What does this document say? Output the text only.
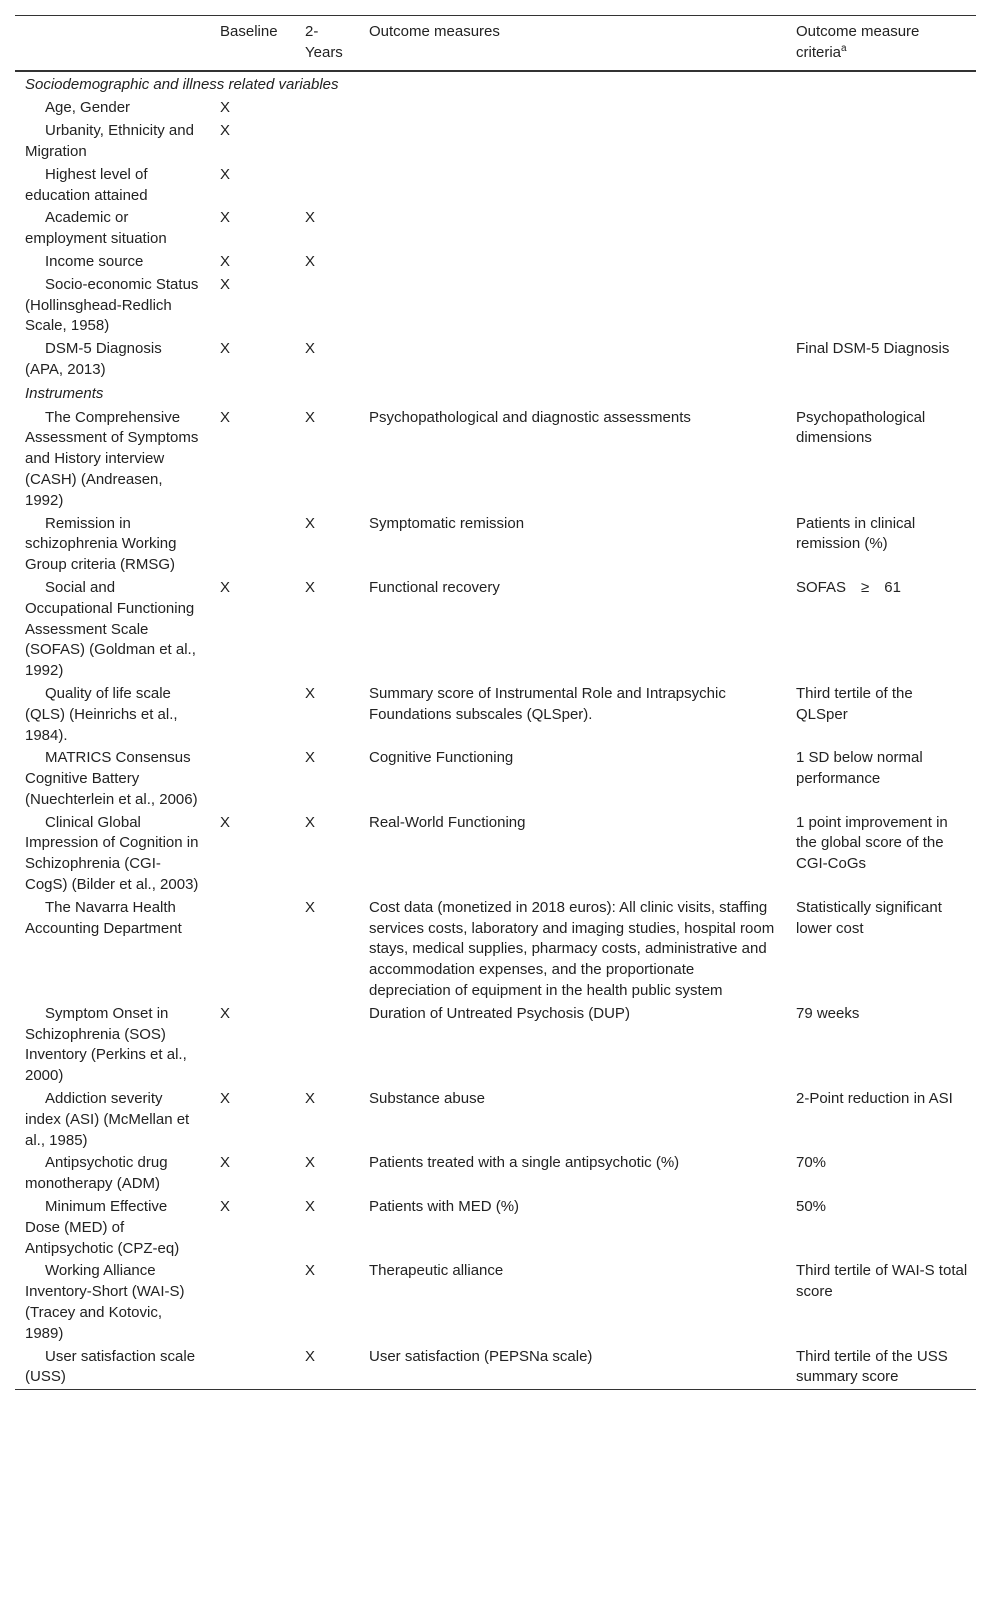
	Baseline	2-Years	Outcome measures	Outcome measure criteria$^a$
Sociodemographic and illness related variables				
Age, Gender	X			
Urbanity, Ethnicity and Migration	X			
Highest level of education attained	X			
Academic or employment situation	X	X		
Income source	X	X		
Socio-economic Status (Hollinsghead-Redlich Scale, 1958)	X			
DSM-5 Diagnosis (APA, 2013)	X	X		Final DSM-5 Diagnosis
Instruments				
The Comprehensive Assessment of Symptoms and History interview (CASH) (Andreasen, 1992)	X	X	Psychopathological and diagnostic assessments	Psychopathological dimensions
Remission in schizophrenia Working Group criteria (RMSG)		X	Symptomatic remission	Patients in clinical remission (%)
Social and Occupational Functioning Assessment Scale (SOFAS) (Goldman et al., 1992)	X	X	Functional recovery	SOFAS  ≥  61
Quality of life scale (QLS) (Heinrichs et al., 1984).		X	Summary score of Instrumental Role and Intrapsychic Foundations subscales (QLSper).	Third tertile of the QLSper
MATRICS Consensus Cognitive Battery (Nuechterlein et al., 2006)		X	Cognitive Functioning	1 SD below normal performance
Clinical Global Impression of Cognition in Schizophrenia (CGI-CogS) (Bilder et al., 2003)	X	X	Real-World Functioning	1 point improvement in the global score of the CGI-CoGs
The Navarra Health Accounting Department		X	Cost data (monetized in 2018 euros): All clinic visits, staffing services costs, laboratory and imaging studies, hospital room stays, medical supplies, pharmacy costs, administrative and accommodation expenses, and the proportionate depreciation of equipment in the health public system	Statistically significant lower cost
Symptom Onset in Schizophrenia (SOS) Inventory (Perkins et al., 2000)	X		Duration of Untreated Psychosis (DUP)	79 weeks
Addiction severity index (ASI) (McMellan et al., 1985)	X	X	Substance abuse	2-Point reduction in ASI
Antipsychotic drug monotherapy (ADM)	X	X	Patients treated with a single antipsychotic (%)	70%
Minimum Effective Dose (MED) of Antipsychotic (CPZ-eq)	X	X	Patients with MED (%)	50%
Working Alliance Inventory-Short (WAI-S) (Tracey and Kotovic, 1989)		X	Therapeutic alliance	Third tertile of WAI-S total score
User satisfaction scale (USS)		X	User satisfaction (PEPSNa scale)	Third tertile of the USS summary score
